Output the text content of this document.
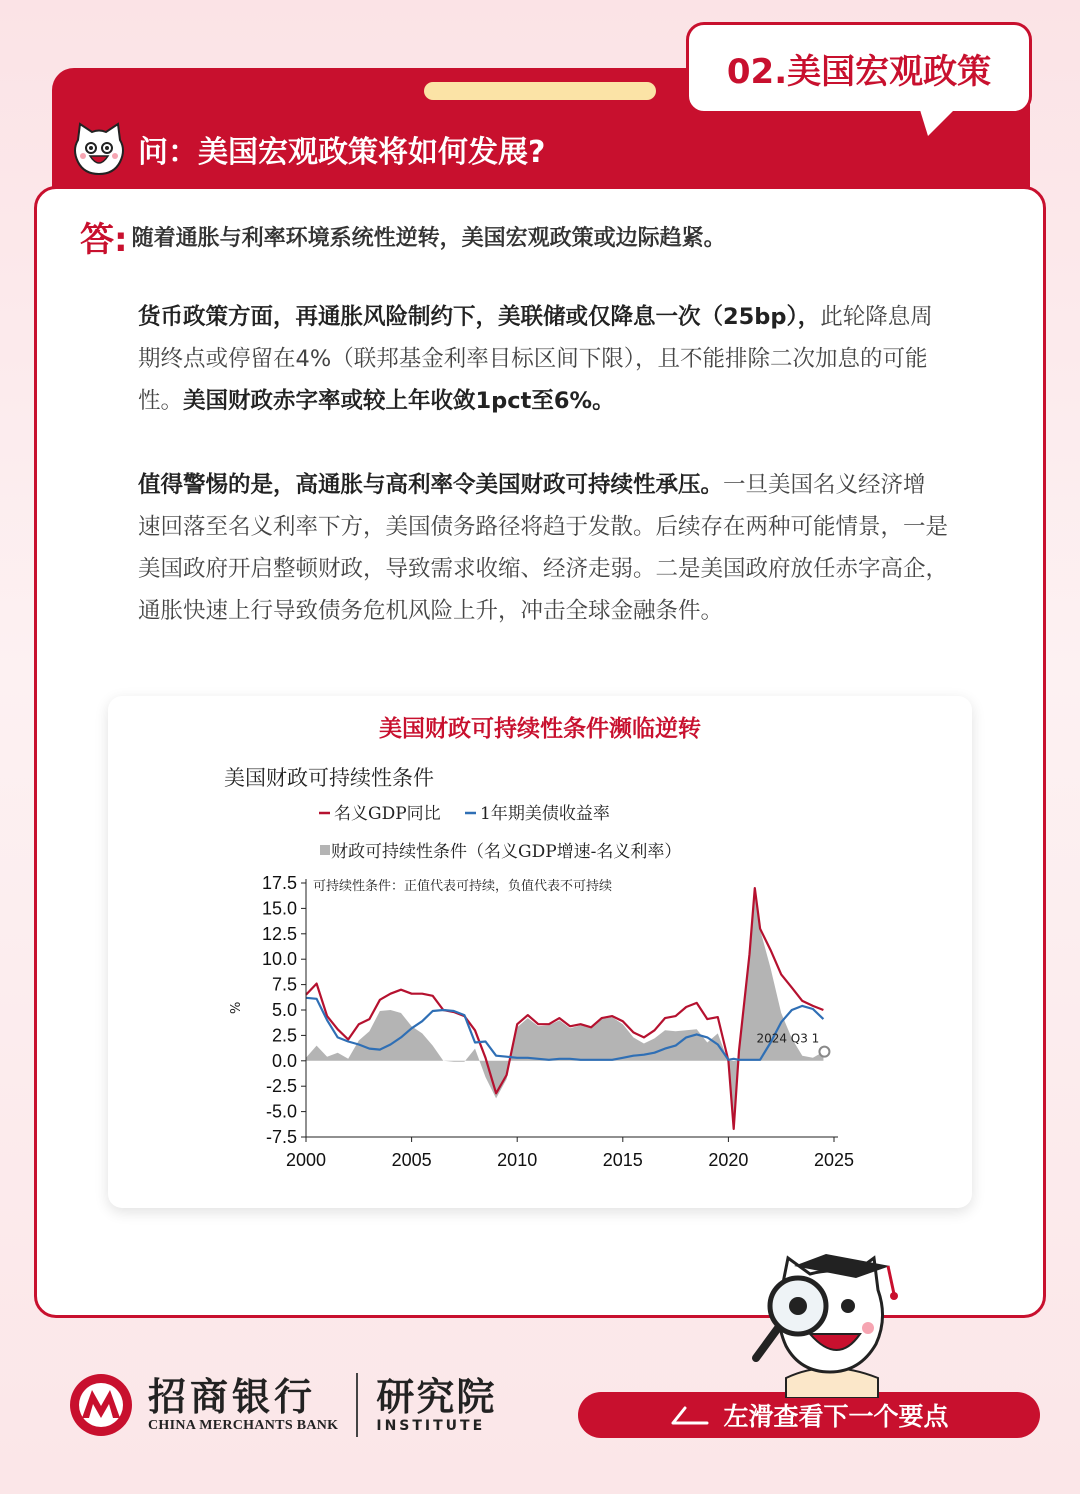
02.美国宏观政策
问：美国宏观政策将如何发展?
答: 随着通胀与利率环境系统性逆转，美国宏观政策或边际趋紧。
货币政策方面，再通胀风险制约下，美联储或仅降息一次（25bp），此轮降息周期终点或停留在4%（联邦基金利率目标区间下限），且不能排除二次加息的可能性。美国财政赤字率或较上年收敛1pct至6%。
值得警惕的是，高通胀与高利率令美国财政可持续性承压。一旦美国名义经济增速回落至名义利率下方，美国债务路径将趋于发散。后续存在两种可能情景，一是美国政府开启整顿财政，导致需求收缩、经济走弱。二是美国政府放任赤字高企，通胀快速上行导致债务危机风险上升，冲击全球金融条件。
美国财政可持续性条件濒临逆转
美国财政可持续性条件
名义GDP同比 1年期美债收益率
财政可持续性条件（名义GDP增速-名义利率）
可持续性条件：正值代表可持续，负值代表不可持续
%
17.5
15.0
12.5
10.0
7.5
5.0
2.5
0.0
-2.5
-5.0
-7.5
2000	2005	2010	2015	2020	2025
2024 Q3 1
招商银行
CHINA MERCHANTS BANK
研究院
INSTITUTE	左滑查看下一个要点
